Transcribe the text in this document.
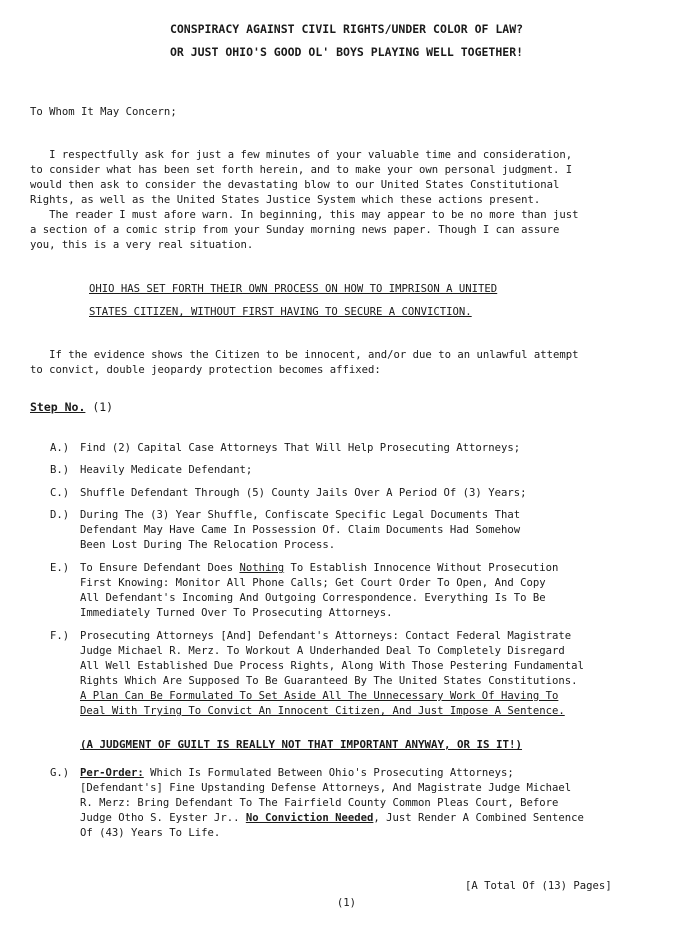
CONSPIRACY AGAINST CIVIL RIGHTS/UNDER COLOR OF LAW?
OR JUST OHIO'S GOOD OL' BOYS PLAYING WELL TOGETHER!
To Whom It May Concern;
I respectfully ask for just a few minutes of your valuable time and consideration,
to consider what has been set forth herein, and to make your own personal judgment. I
would then ask to consider the devastating blow to our United States Constitutional
Rights, as well as the United States Justice System which these actions present.
The reader I must afore warn. In beginning, this may appear to be no more than just
a section of a comic strip from your Sunday morning news paper. Though I can assure
you, this is a very real situation.
OHIO HAS SET FORTH THEIR OWN PROCESS ON HOW TO IMPRISON A UNITED
STATES CITIZEN, WITHOUT FIRST HAVING TO SECURE A CONVICTION.
If the evidence shows the Citizen to be innocent, and/or due to an unlawful attempt
to convict, double jeopardy protection becomes affixed:
Step No. (1)
A.) Find (2) Capital Case Attorneys That Will Help Prosecuting Attorneys;
B.) Heavily Medicate Defendant;
C.) Shuffle Defendant Through (5) County Jails Over A Period Of (3) Years;
D.) During The (3) Year Shuffle, Confiscate Specific Legal Documents That
Defendant May Have Came In Possession Of. Claim Documents Had Somehow
Been Lost During The Relocation Process.
E.) To Ensure Defendant Does Nothing To Establish Innocence Without Prosecution
First Knowing: Monitor All Phone Calls; Get Court Order To Open, And Copy
All Defendant's Incoming And Outgoing Correspondence. Everything Is To Be
Immediately Turned Over To Prosecuting Attorneys.
F.) Prosecuting Attorneys [And] Defendant's Attorneys: Contact Federal Magistrate
Judge Michael R. Merz. To Workout A Underhanded Deal To Completely Disregard
All Well Established Due Process Rights, Along With Those Pestering Fundamental
Rights Which Are Supposed To Be Guaranteed By The United States Constitutions.
A Plan Can Be Formulated To Set Aside All The Unnecessary Work Of Having To
Deal With Trying To Convict An Innocent Citizen, And Just Impose A Sentence.
(A JUDGMENT OF GUILT IS REALLY NOT THAT IMPORTANT ANYWAY, OR IS IT!)
G.) Per-Order: Which Is Formulated Between Ohio's Prosecuting Attorneys;
[Defendant's] Fine Upstanding Defense Attorneys, And Magistrate Judge Michael
R. Merz: Bring Defendant To The Fairfield County Common Pleas Court, Before
Judge Otho S. Eyster Jr.. No Conviction Needed, Just Render A Combined Sentence
Of (43) Years To Life.
[A Total Of (13) Pages]
(1)
